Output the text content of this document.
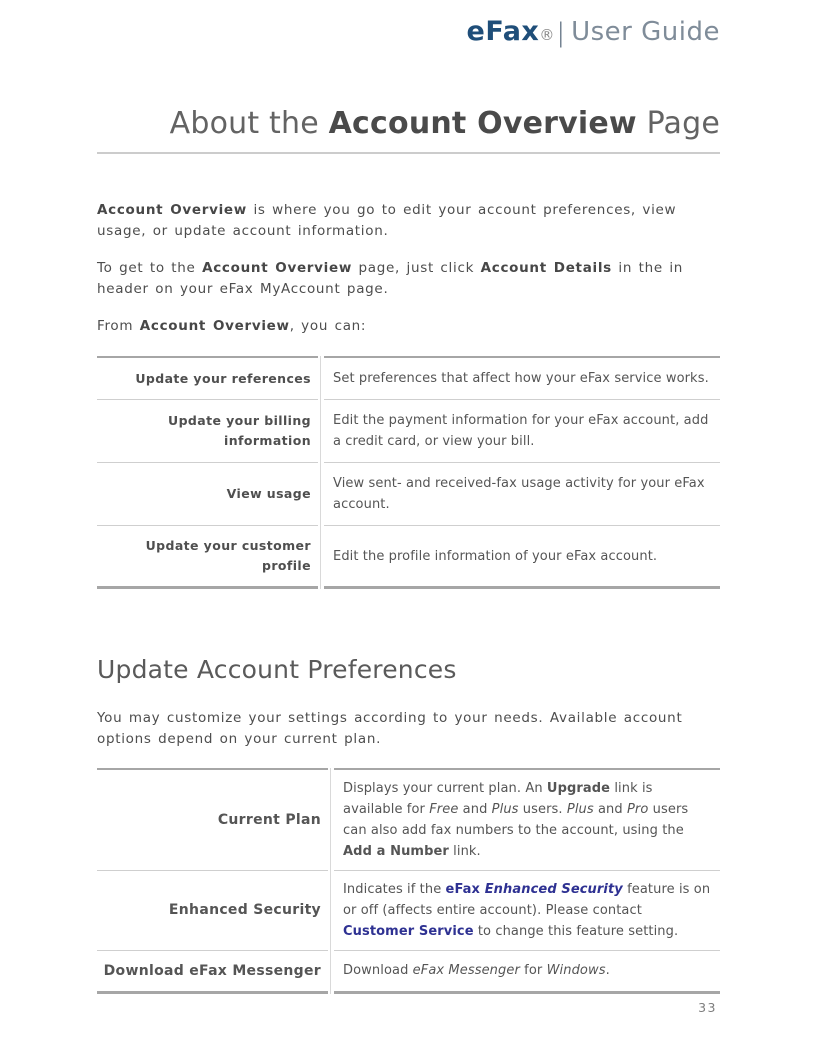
eFax®| User Guide
About the Account Overview Page

Account Overview is where you go to edit your account preferences, view usage, or update account information.

To get to the Account Overview page, just click Account Details in the in header on your eFax MyAccount page.

From Account Overview, you can:

Update your references	Set preferences that affect how your eFax service works.
Update your billing information
Edit the payment information for your eFax account, add a credit card, or view your bill.
View usage
View sent- and received-fax usage activity for your eFax account.
Update your customer profile
Edit the profile information of your eFax account.
Update Account Preferences

You may customize your settings according to your needs. Available account options depend on your current plan.

Current Plan
Displays your current plan. An Upgrade link is available for Free and Plus users. Plus and Pro users can also add fax numbers to the account, using the Add a Number link.
Enhanced Security
Indicates if the eFax Enhanced Security feature is on or off (affects entire account). Please contact Customer Service to change this feature setting.
Download eFax Messenger	Download eFax Messenger for Windows.
33
